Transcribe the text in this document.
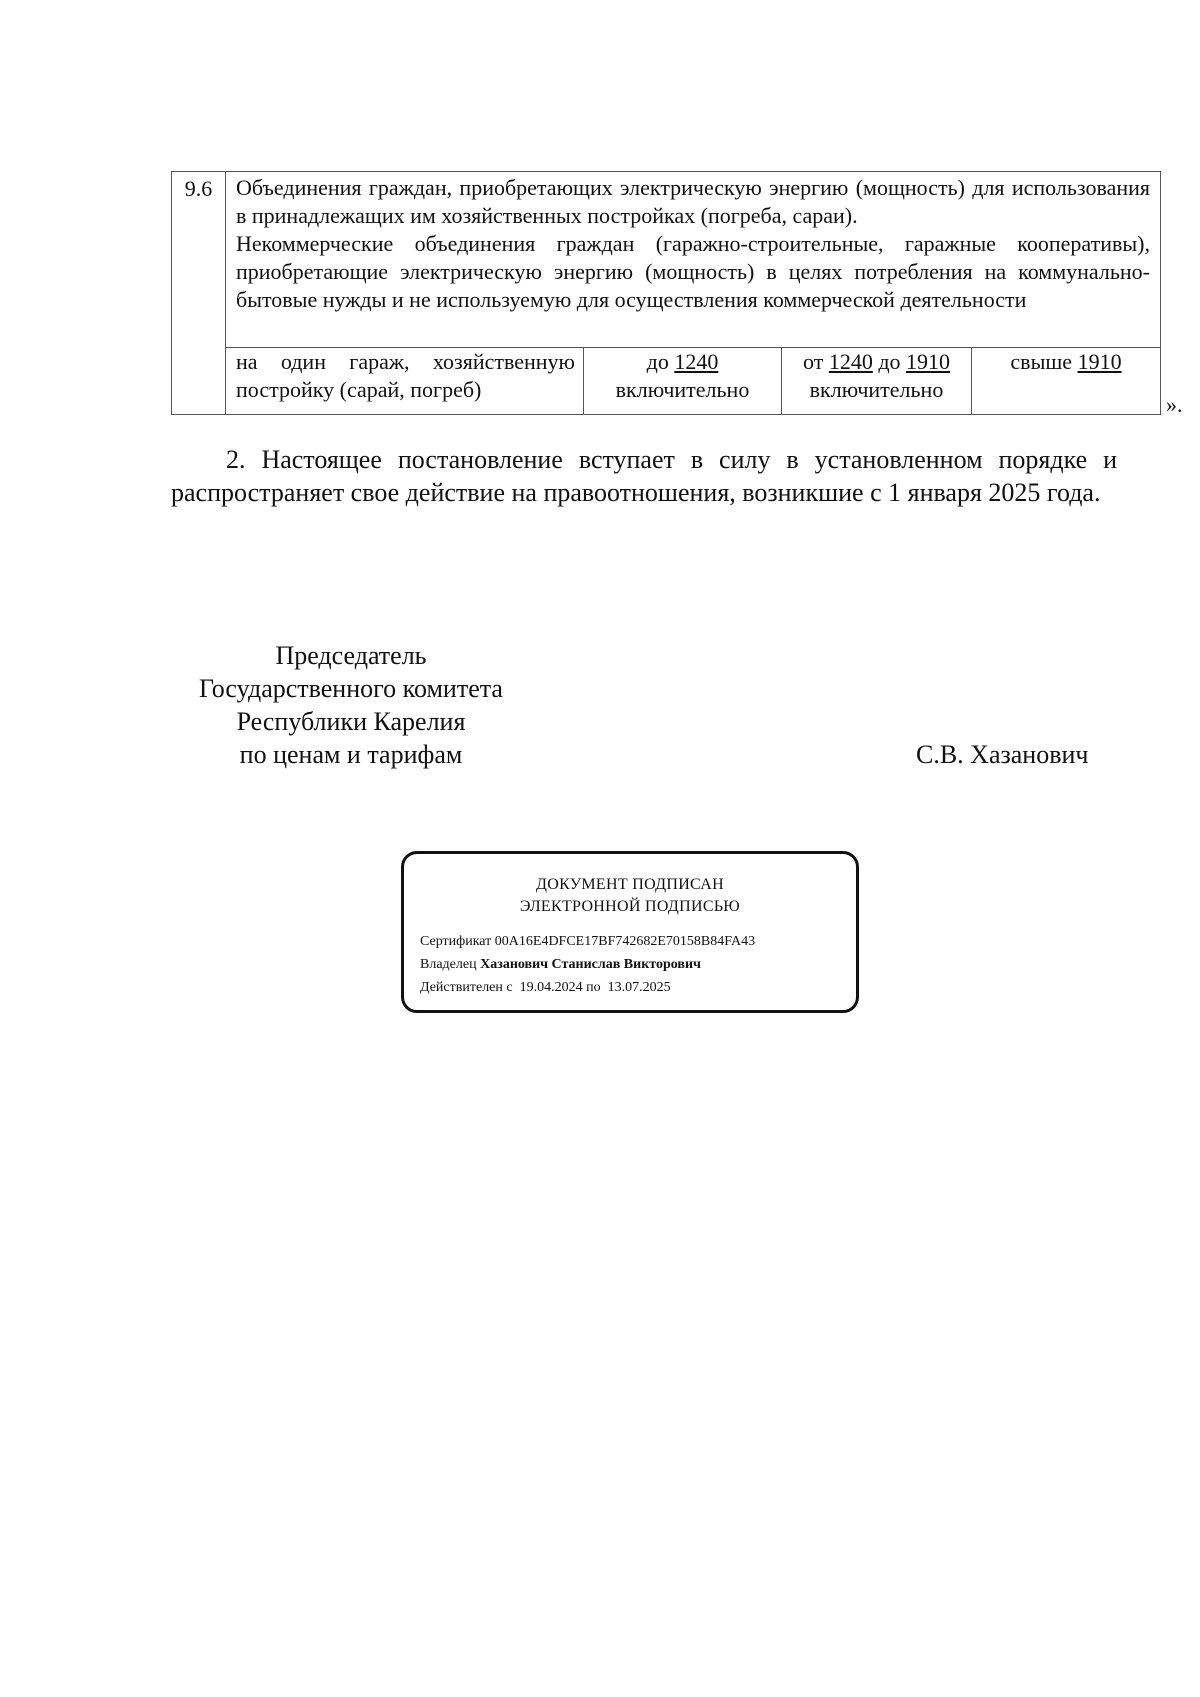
9.6	Объединения граждан, приобретающих электрическую энергию (мощность) для использования в принадлежащих им хозяйственных постройках (погреба, сараи).

Некоммерческие объединения граждан (гаражно-строительные, гаражные кооперативы), приобретающие электрическую энергию (мощность) в целях потребления на коммунально-бытовые нужды и не используемую для осуществления коммерческой деятельности

на один гараж, хозяйственную постройку (сарай, погреб)
до 1240
включительно
от 1240 до 1910
включительно
свыше 1910
».

2. Настоящее постановление вступает в силу в установленном порядке и распространяет свое действие на правоотношения, возникшие с 1 января 2025 года.

Председатель
Государственного комитета
Республики Карелия
по ценам и тарифам	С.В. Хазанович
ДОКУМЕНТ ПОДПИСАН
ЭЛЕКТРОННОЙ ПОДПИСЬЮ
Сертификат 00A16E4DFCE17BF742682E70158B84FA43
Владелец Хазанович Станислав Викторович
Действителен с 19.04.2024 по 13.07.2025
